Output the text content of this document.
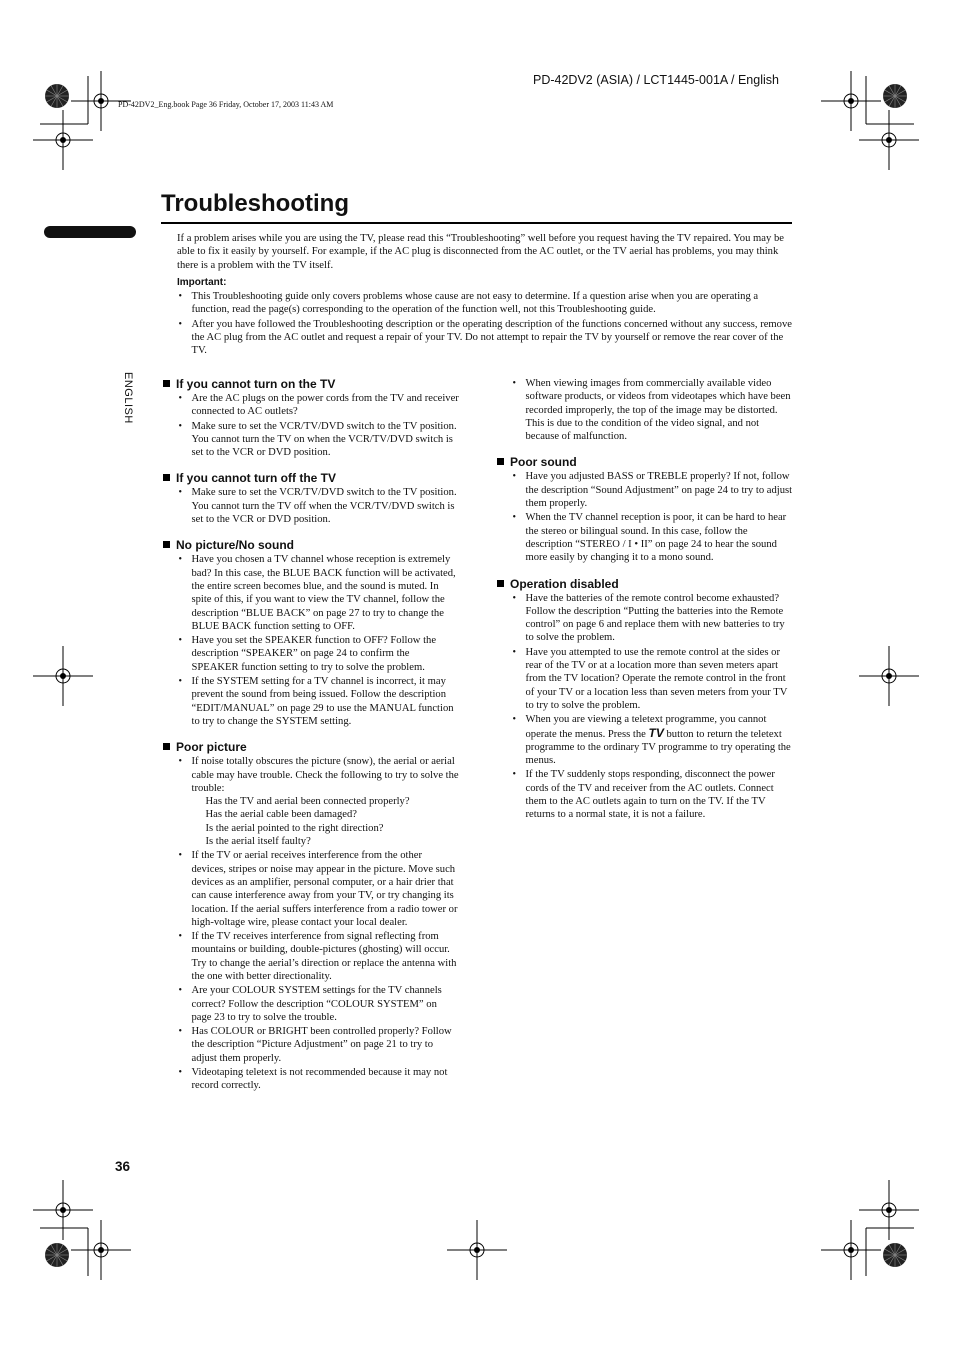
PD-42DV2 (ASIA) / LCT1445-001A / English
PD-42DV2_Eng.book Page 36 Friday, October 17, 2003 11:43 AM
Troubleshooting
ENGLISH
If a problem arises while you are using the TV, please read this “Troubleshooting” well before you request having the TV repaired. You may be able to fix it easily by yourself. For example, if the AC plug is disconnected from the AC outlet, or the TV aerial has problems, you may think there is a problem with the TV itself.
Important:
• This Troubleshooting guide only covers problems whose cause are not easy to determine. If a question arise when you are operating a function, read the page(s) corresponding to the operation of the function well, not this Troubleshooting guide.
• After you have followed the Troubleshooting description or the operating description of the functions concerned without any success, remove the AC plug from the AC outlet and request a repair of your TV. Do not attempt to repair the TV by yourself or remove the rear cover of the TV.
If you cannot turn on the TV
• Are the AC plugs on the power cords from the TV and receiver connected to AC outlets?
• Make sure to set the VCR/TV/DVD switch to the TV position. You cannot turn the TV on when the VCR/TV/DVD switch is set to the VCR or DVD position.
If you cannot turn off the TV
• Make sure to set the VCR/TV/DVD switch to the TV position. You cannot turn the TV off when the VCR/TV/DVD switch is set to the VCR or DVD position.
No picture/No sound
• Have you chosen a TV channel whose reception is extremely bad? In this case, the BLUE BACK function will be activated, the entire screen becomes blue, and the sound is muted. In spite of this, if you want to view the TV channel, follow the description “BLUE BACK” on page 27 to try to change the BLUE BACK function setting to OFF.
• Have you set the SPEAKER function to OFF? Follow the description “SPEAKER” on page 24 to confirm the SPEAKER function setting to try to solve the problem.
• If the SYSTEM setting for a TV channel is incorrect, it may prevent the sound from being issued. Follow the description “EDIT/MANUAL” on page 29 to use the MANUAL function to try to change the SYSTEM setting.
Poor picture
• If noise totally obscures the picture (snow), the aerial or aerial cable may have trouble. Check the following to try to solve the trouble:
Has the TV and aerial been connected properly?
Has the aerial cable been damaged?
Is the aerial pointed to the right direction?
Is the aerial itself faulty?
• If the TV or aerial receives interference from the other devices, stripes or noise may appear in the picture. Move such devices as an amplifier, personal computer, or a hair drier that can cause interference away from your TV, or try changing its location. If the aerial suffers interference from a radio tower or high-voltage wire, please contact your local dealer.
• If the TV receives interference from signal reflecting from mountains or building, double-pictures (ghosting) will occur. Try to change the aerial’s direction or replace the antenna with the one with better directionality.
• Are your COLOUR SYSTEM settings for the TV channels correct? Follow the description “COLOUR SYSTEM” on page 23 to try to solve the trouble.
• Has COLOUR or BRIGHT been controlled properly? Follow the description “Picture Adjustment” on page 21 to try to adjust them properly.
• Videotaping teletext is not recommended because it may not record correctly.
• When viewing images from commercially available video software products, or videos from videotapes which have been recorded improperly, the top of the image may be distorted. This is due to the condition of the video signal, and not because of malfunction.
Poor sound
• Have you adjusted BASS or TREBLE properly? If not, follow the description “Sound Adjustment” on page 24 to try to adjust them properly.
• When the TV channel reception is poor, it can be hard to hear the stereo or bilingual sound. In this case, follow the description “STEREO / I • II” on page 24 to hear the sound more easily by changing it to a mono sound.
Operation disabled
• Have the batteries of the remote control become exhausted? Follow the description “Putting the batteries into the Remote control” on page 6 and replace them with new batteries to try to solve the problem.
• Have you attempted to use the remote control at the sides or rear of the TV or at a location more than seven meters apart from the TV location? Operate the remote control in the front of your TV or a location less than seven meters from your TV to try to solve the problem.
• When you are viewing a teletext programme, you cannot operate the menus. Press the TV button to return the teletext programme to the ordinary TV programme to try operating the menus.
• If the TV suddenly stops responding, disconnect the power cords of the TV and receiver from the AC outlets. Connect them to the AC outlets again to turn on the TV. If the TV returns to a normal state, it is not a failure.
36
